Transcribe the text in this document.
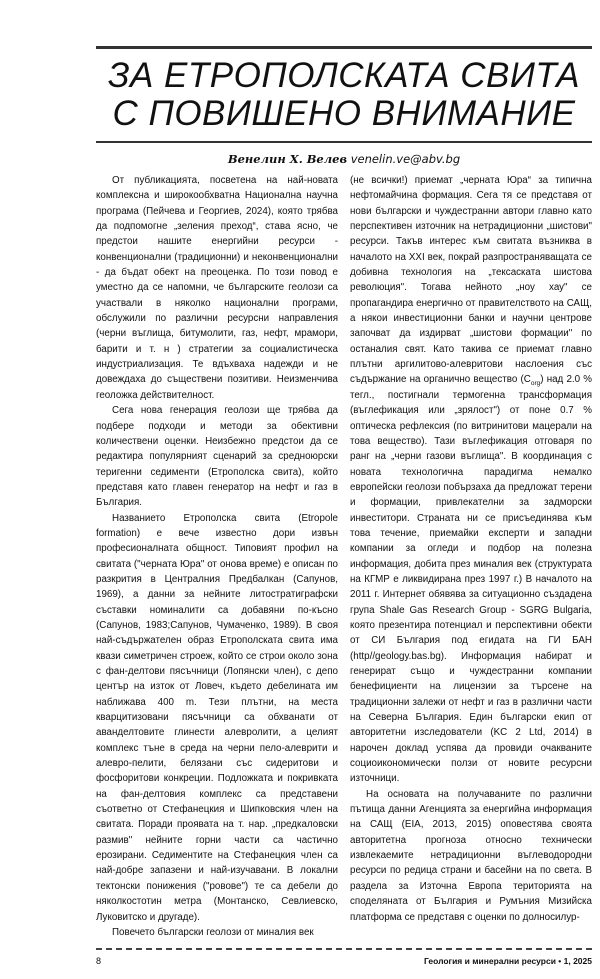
ЗА ЕТРОПОЛСКАТА СВИТА
С ПОВИШЕНО ВНИМАНИЕ
Венелин Х. Велев venelin.ve@abv.bg

От публикацията, посветена на най-новата комплексна и широкообхватна Национална научна програма (Пейчева и Георгиев, 2024), която трябва да подпомогне „зеления преход“, става ясно, че предстои нашите енергийни ресурси - конвенционални (традиционни) и неконвенционални - да бъдат обект на преоценка. По този повод е уместно да се напомни, че българските геолози са участвали в няколко национални програми, обслужили по различни ресурсни направления (черни въглища, битумолити, газ, нефт, мрамори, барити и т. н ) стратегии за социалистическа индустриализация. Те вдъхваха надежди и не довеждаха до съществени позитиви. Неизменчива геоложка действителност.

Сега нова генерация геолози ще трябва да подбере подходи и методи за обективни количествени оценки. Неизбежно предстои да се редактира популярният сценарий за средноюрски теригенни седименти (Етрополска свита), който представя като главен генератор на нефт и газ в България.

Названието Етрополска свита (Etropole formation) е вече известно дори извън професионалната общност. Типовият профил на свитата ("черната Юра" от онова време) е описан по разкрития в Централния Предбалкан (Сапунов, 1969), а данни за нейните литостратиграфски съставки номиналити са добавяни по-късно (Сапунов, 1983;Сапунов, Чумаченко, 1989). В своя най-съдържателен образ Етрополската свита има квази симетричен строеж, който се строи около зона с фан-делтови пясъчници (Лопянски член), с депо център на изток от Ловеч, където дебелината им наближава 400 m. Тези плътни, на места кварцитизовани пясъчници са обхванати от аванделтовите глинести алевролити, а целият комплекс тъне в среда на черни пело-алеврити и алевро-пелити, белязани със сидеритови и фосфоритови конкреции. Подложката и покривката на фан-делтовия комплекс са представени съответно от Стефанецкия и Шипковския член на свитата. Поради проявата на т. нар. „предкаловски размив" нейните горни части са частично ерозирани. Седиментите на Стефанецкия член са най-добре запазени и най-изучавани. В локални тектонски понижения ("ровове") те са дебели до няколкостотин метра (Монтанско, Севлиевско, Луковитско и другаде).

Повечето български геолози от миналия век

(не всички!) приемат „черната Юра“ за типична нефтомайчина формация. Сега тя се представя от нови български и чуждестранни автори главно като перспективен източник на нетрадиционни „шистови" ресурси. Такъв интерес към свитата възниква в началото на XXI век, покрай разпространяващата се добивна технология на „тексаската шистова революция". Тогава нейното „ноу хау" се пропагандира енергично от правителството на САЩ, а някои инвестиционни банки и научни центрове започват да издирват „шистови формации" по останалия свят. Като такива се приемат главно плътни аргилитово-алевритови наслоения със съдържание на органично вещество $(C_{org})$ над 2.0 % тегл., постигнали термогенна трансформация (въглефикация или „зрялост") от поне 0.7 % оптическа рефлексия (по витринитови мацерали на това вещество). Тази въглефикация отговаря по ранг на „черни газови въглища". В координация с новата технологична парадигма немалко европейски геолози побързаха да предложат терени и формации, привлекателни за задморски инвеститори. Страната ни се присъединява към това течение, приемайки експерти и западни компании за огледи и подбор на полезна информация, добита през миналия век (структурата на КГМР е ликвидирана през 1997 г.) В началото на 2011 г. Интернет обявява за ситуационно създадена група Shale Gas Research Group - SGRG Bulgaria, която презентира потенциал и перспективни обекти от СИ България под егидата на ГИ БАН (http//geology.bas.bg). Информация набират и генерират също и чуждестранни компании бенефициенти на лицензии за търсене на традиционни залежи от нефт и газ в различни части на Северна България. Един български екип от авторитетни изследователи (KC 2 Ltd, 2014) в нарочен доклад успява да провиди очакваните социоикономически ползи от новите ресурсни източници.

На основата на получаваните по различни пътища данни Агенцията за енергийна информация на САЩ (EIA, 2013, 2015) оповестява своята авторитетна прогноза относно технически извлекаемите нетрадиционни въглеводородни ресурси по редица страни и басейни на по света. В раздела за Източна Европа територията на споделяната от България и Румъния Мизийска платформа се представя с оценки по долносилур-

8	Геология и минерални ресурси • 1, 2025
